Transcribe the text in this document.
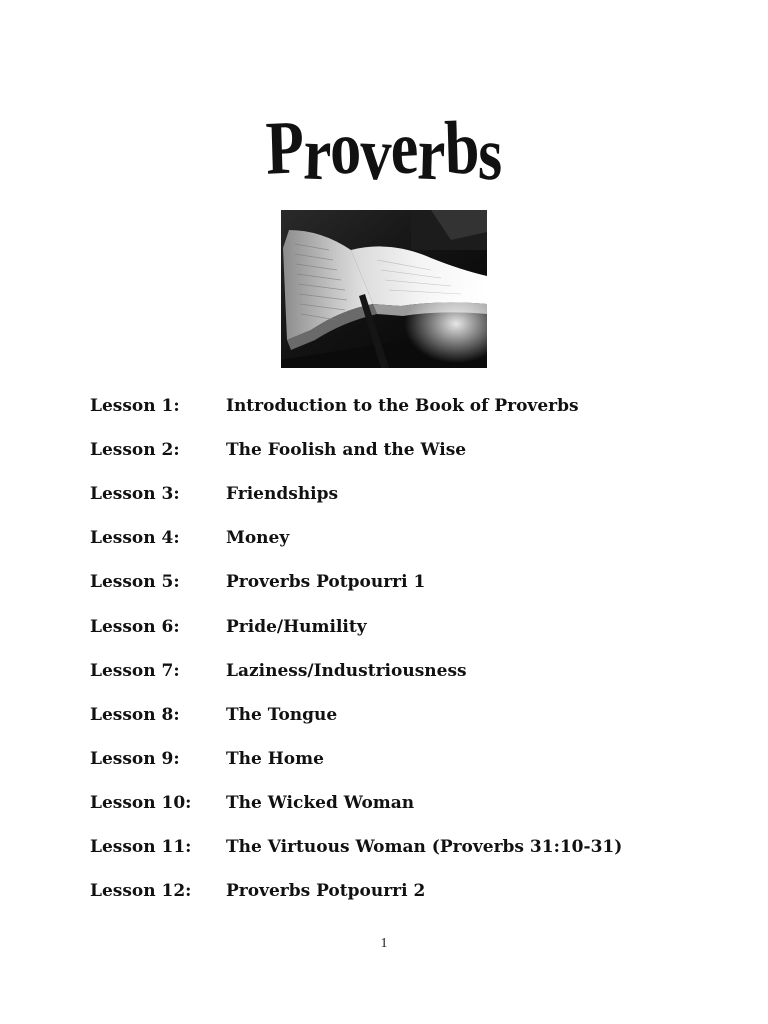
Proverbs
Lesson 1:	Introduction to the Book of Proverbs
Lesson 2:	The Foolish and the Wise
Lesson 3:	Friendships
Lesson 4:	Money
Lesson 5:	Proverbs Potpourri 1
Lesson 6:	Pride/Humility
Lesson 7:	Laziness/Industriousness
Lesson 8:	The Tongue
Lesson 9:	The Home
Lesson 10:	The Wicked Woman
Lesson 11:	The Virtuous Woman (Proverbs 31:10-31)
Lesson 12:	Proverbs Potpourri 2
1
